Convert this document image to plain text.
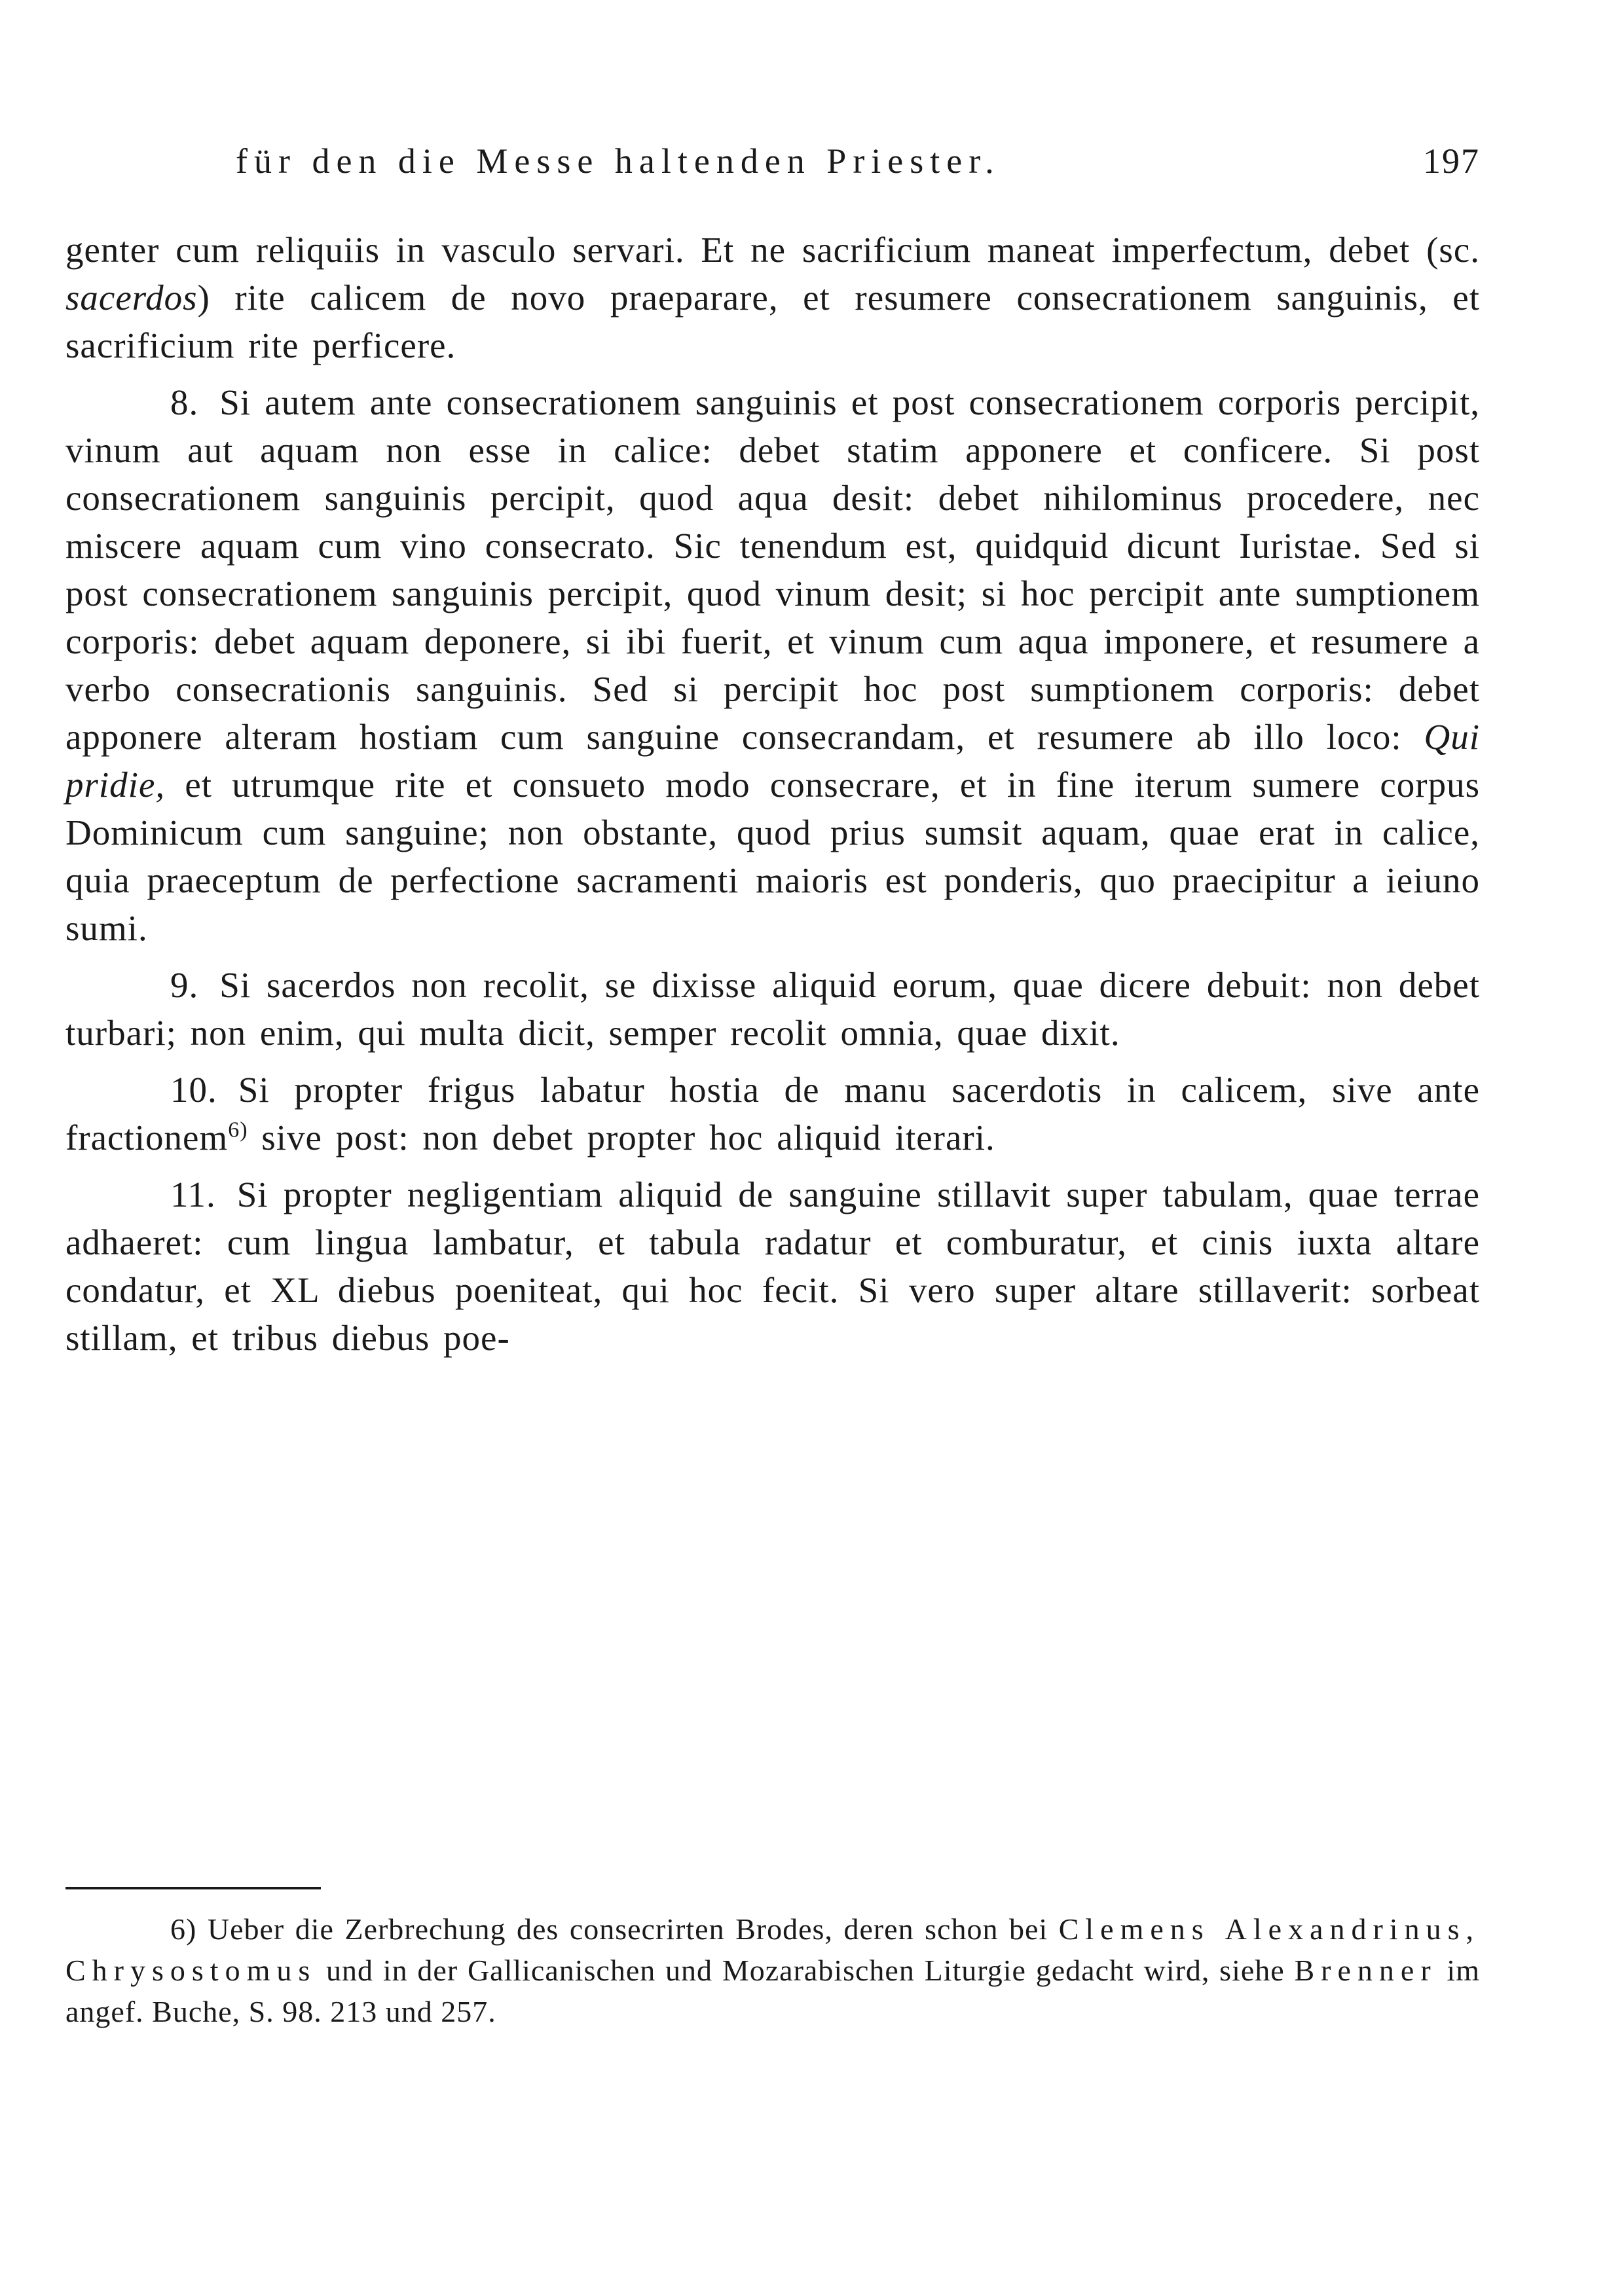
für den die Messe haltenden Priester.	197

genter cum reliquiis in vasculo servari. Et ne sacrificium maneat imperfectum, debet (sc. sacerdos) rite calicem de novo praeparare, et resumere consecrationem sanguinis, et sacrificium rite perficere.

8. Si autem ante consecrationem sanguinis et post consecrationem corporis percipit, vinum aut aquam non esse in calice: debet statim apponere et conficere. Si post consecrationem sanguinis percipit, quod aqua desit: debet nihilominus procedere, nec miscere aquam cum vino consecrato. Sic tenendum est, quidquid dicunt Iuristae. Sed si post consecrationem sanguinis percipit, quod vinum desit; si hoc percipit ante sumptionem corporis: debet aquam deponere, si ibi fuerit, et vinum cum aqua imponere, et resumere a verbo consecrationis sanguinis. Sed si percipit hoc post sumptionem corporis: debet apponere alteram hostiam cum sanguine consecrandam, et resumere ab illo loco: Qui pridie, et utrumque rite et consueto modo consecrare, et in fine iterum sumere corpus Dominicum cum sanguine; non obstante, quod prius sumsit aquam, quae erat in calice, quia praeceptum de perfectione sacramenti maioris est ponderis, quo praecipitur a ieiuno sumi.

9. Si sacerdos non recolit, se dixisse aliquid eorum, quae dicere debuit: non debet turbari; non enim, qui multa dicit, semper recolit omnia, quae dixit.

10. Si propter frigus labatur hostia de manu sacerdotis in calicem, sive ante fractionem$^{6)}$ sive post: non debet propter hoc aliquid iterari.

11. Si propter negligentiam aliquid de sanguine stillavit super tabulam, quae terrae adhaeret: cum lingua lambatur, et tabula radatur et comburatur, et cinis iuxta altare condatur, et XL diebus poeniteat, qui hoc fecit. Si vero super altare stillaverit: sorbeat stillam, et tribus diebus poe-

6) Ueber die Zerbrechung des consecrirten Brodes, deren schon bei Clemens Alexandrinus, Chrysostomus und in der Gallicanischen und Mozarabischen Liturgie gedacht wird, siehe Brenner im angef. Buche, S. 98. 213 und 257.
